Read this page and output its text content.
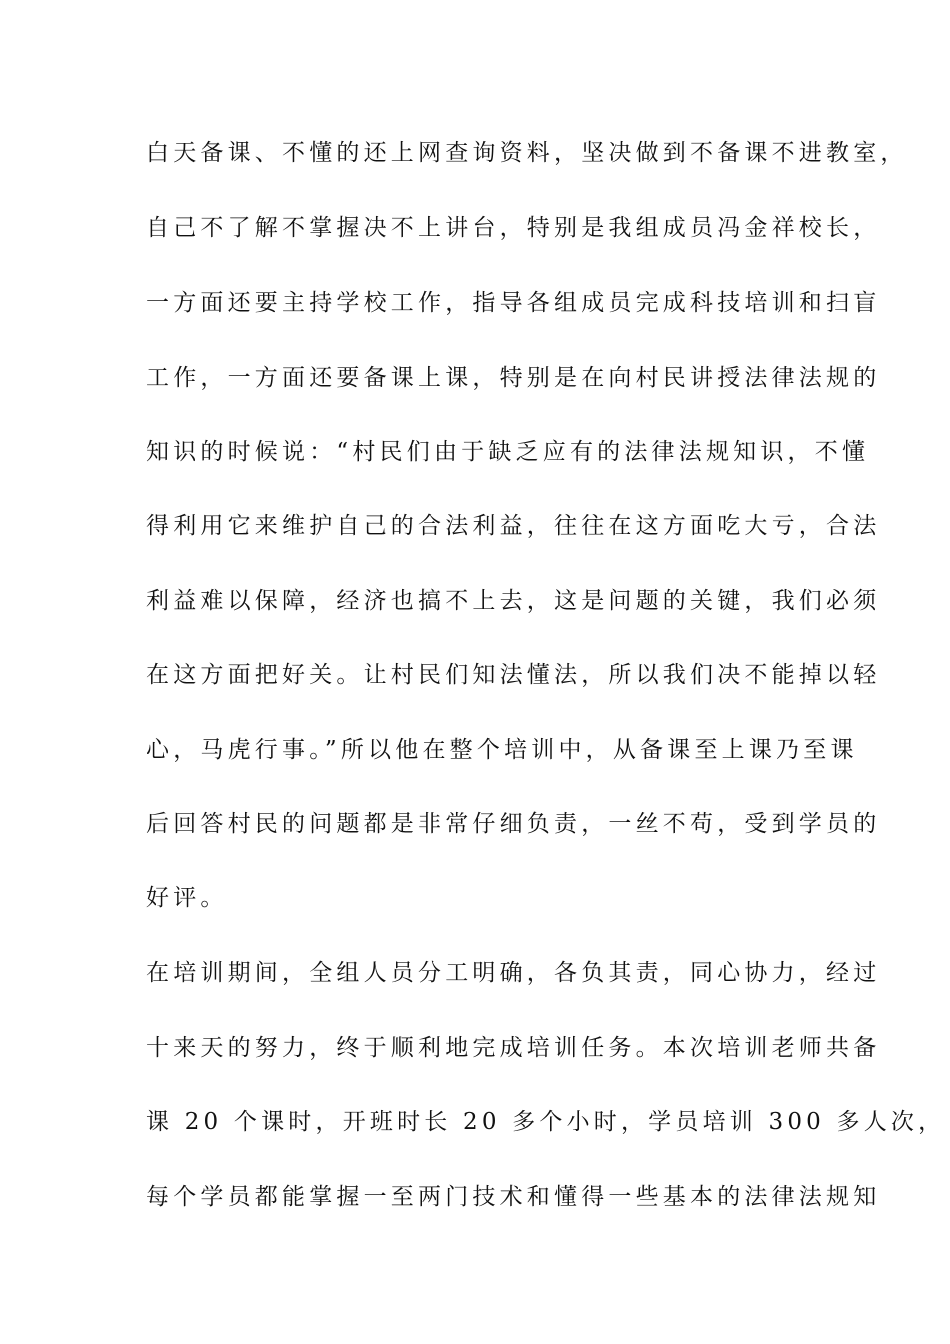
白天备课、不懂的还上网查询资料，坚决做到不备课不进教室，
自己不了解不掌握决不上讲台，特别是我组成员冯金祥校长，
一方面还要主持学校工作，指导各组成员完成科技培训和扫盲
工作，一方面还要备课上课，特别是在向村民讲授法律法规的
知识的时候说：“村民们由于缺乏应有的法律法规知识，不懂
得利用它来维护自己的合法利益，往往在这方面吃大亏，合法
利益难以保障，经济也搞不上去，这是问题的关键，我们必须
在这方面把好关。让村民们知法懂法，所以我们决不能掉以轻
心，马虎行事。”所以他在整个培训中，从备课至上课乃至课
后回答村民的问题都是非常仔细负责，一丝不苟，受到学员的
好评。
在培训期间，全组人员分工明确，各负其责，同心协力，经过
十来天的努力，终于顺利地完成培训任务。本次培训老师共备
课 20 个课时，开班时长 20 多个小时，学员培训 300 多人次，
每个学员都能掌握一至两门技术和懂得一些基本的法律法规知
